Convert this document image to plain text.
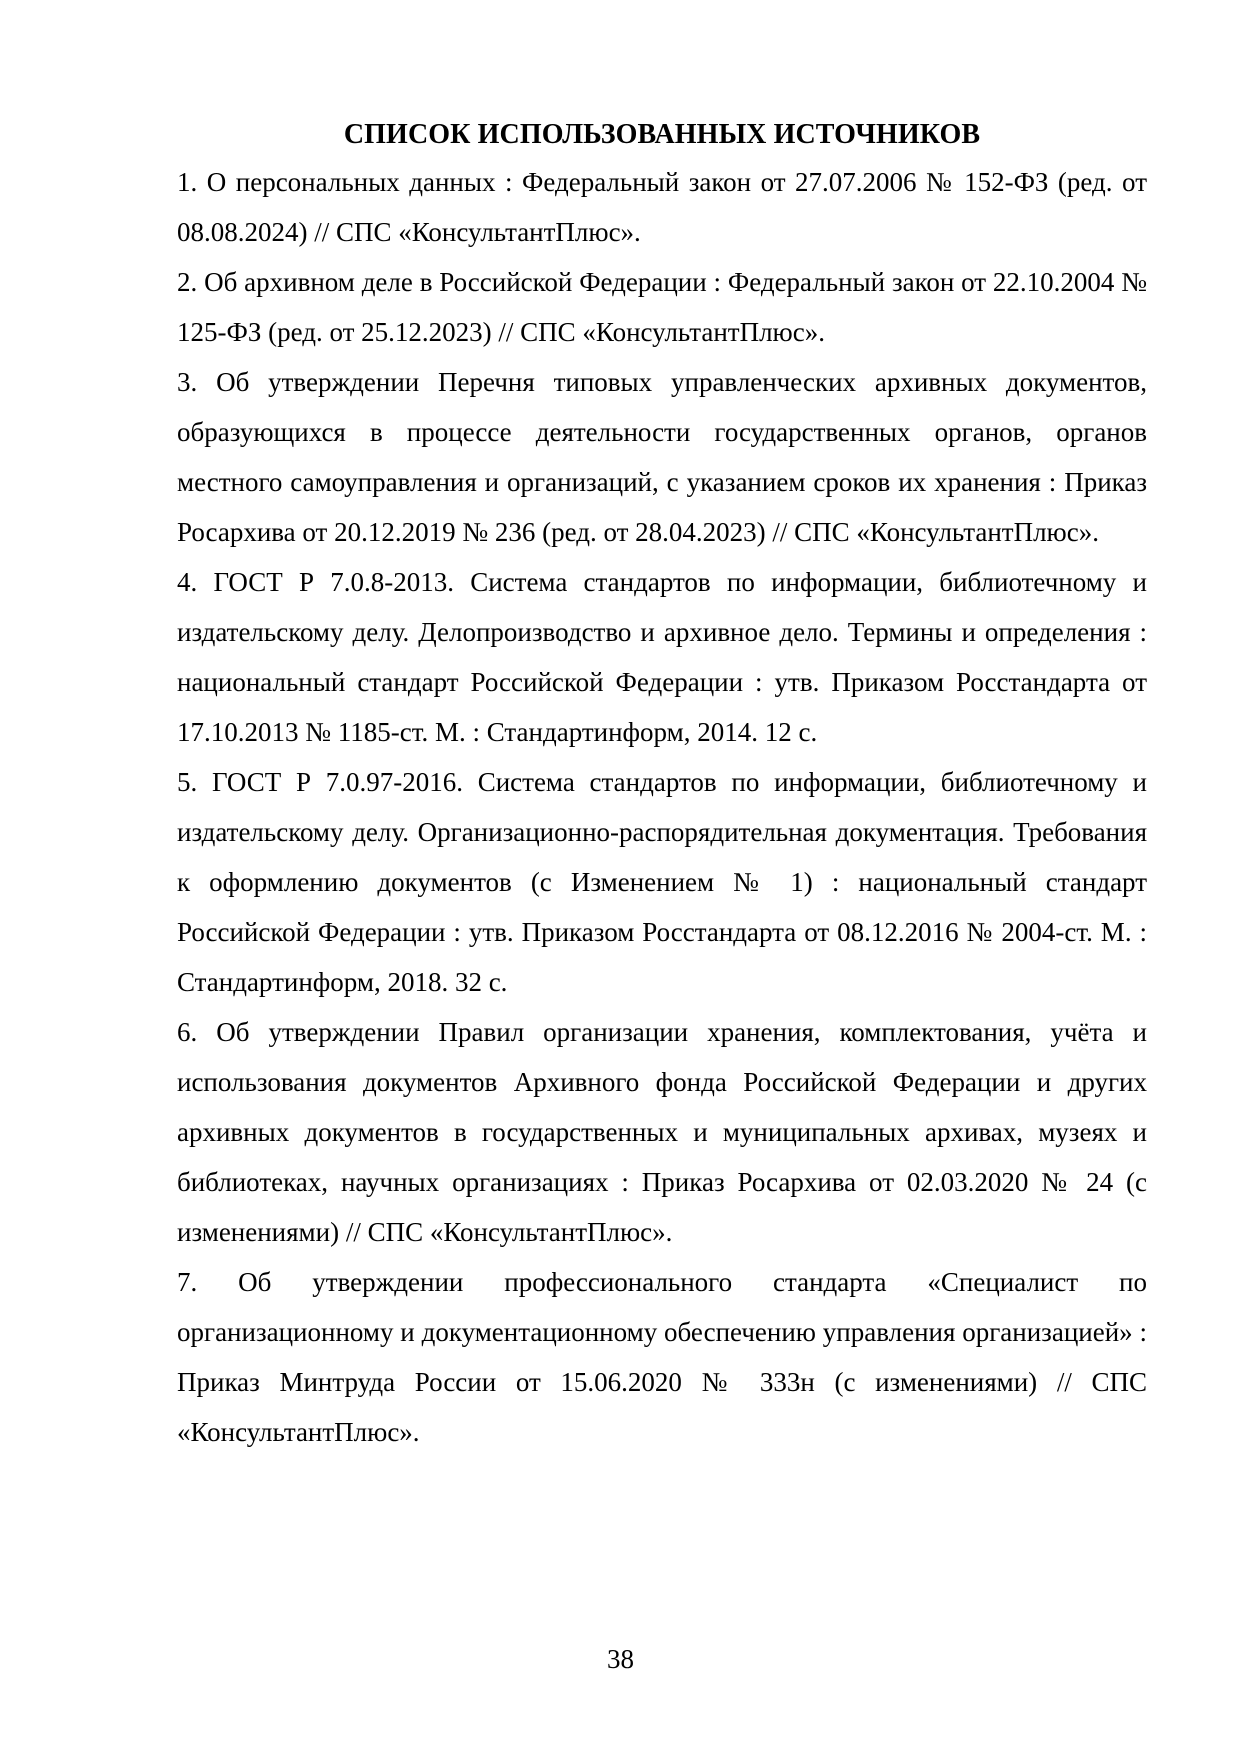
СПИСОК ИСПОЛЬЗОВАННЫХ ИСТОЧНИКОВ
1. О персональных данных : Федеральный закон от 27.07.2006 № 152-ФЗ (ред. от 08.08.2024) // СПС «КонсультантПлюс».
2. Об архивном деле в Российской Федерации : Федеральный закон от 22.10.2004 № 125-ФЗ (ред. от 25.12.2023) // СПС «КонсультантПлюс».
3. Об утверждении Перечня типовых управленческих архивных документов, образующихся в процессе деятельности государственных органов, органов местного самоуправления и организаций, с указанием сроков их хранения : Приказ Росархива от 20.12.2019 № 236 (ред. от 28.04.2023) // СПС «КонсультантПлюс».
4. ГОСТ Р 7.0.8-2013. Система стандартов по информации, библиотечному и издательскому делу. Делопроизводство и архивное дело. Термины и определения : национальный стандарт Российской Федерации : утв. Приказом Росстандарта от 17.10.2013 № 1185-ст. М. : Стандартинформ, 2014. 12 с.
5. ГОСТ Р 7.0.97-2016. Система стандартов по информации, библиотечному и издательскому делу. Организационно-распорядительная документация. Требования к оформлению документов (с Изменением № 1) : национальный стандарт Российской Федерации : утв. Приказом Росстандарта от 08.12.2016 № 2004-ст. М. : Стандартинформ, 2018. 32 с.
6. Об утверждении Правил организации хранения, комплектования, учёта и использования документов Архивного фонда Российской Федерации и других архивных документов в государственных и муниципальных архивах, музеях и библиотеках, научных организациях : Приказ Росархива от 02.03.2020 № 24 (с изменениями) // СПС «КонсультантПлюс».
7. Об утверждении профессионального стандарта «Специалист по организационному и документационному обеспечению управления организацией» : Приказ Минтруда России от 15.06.2020 № 333н (с изменениями) // СПС «КонсультантПлюс».
38
